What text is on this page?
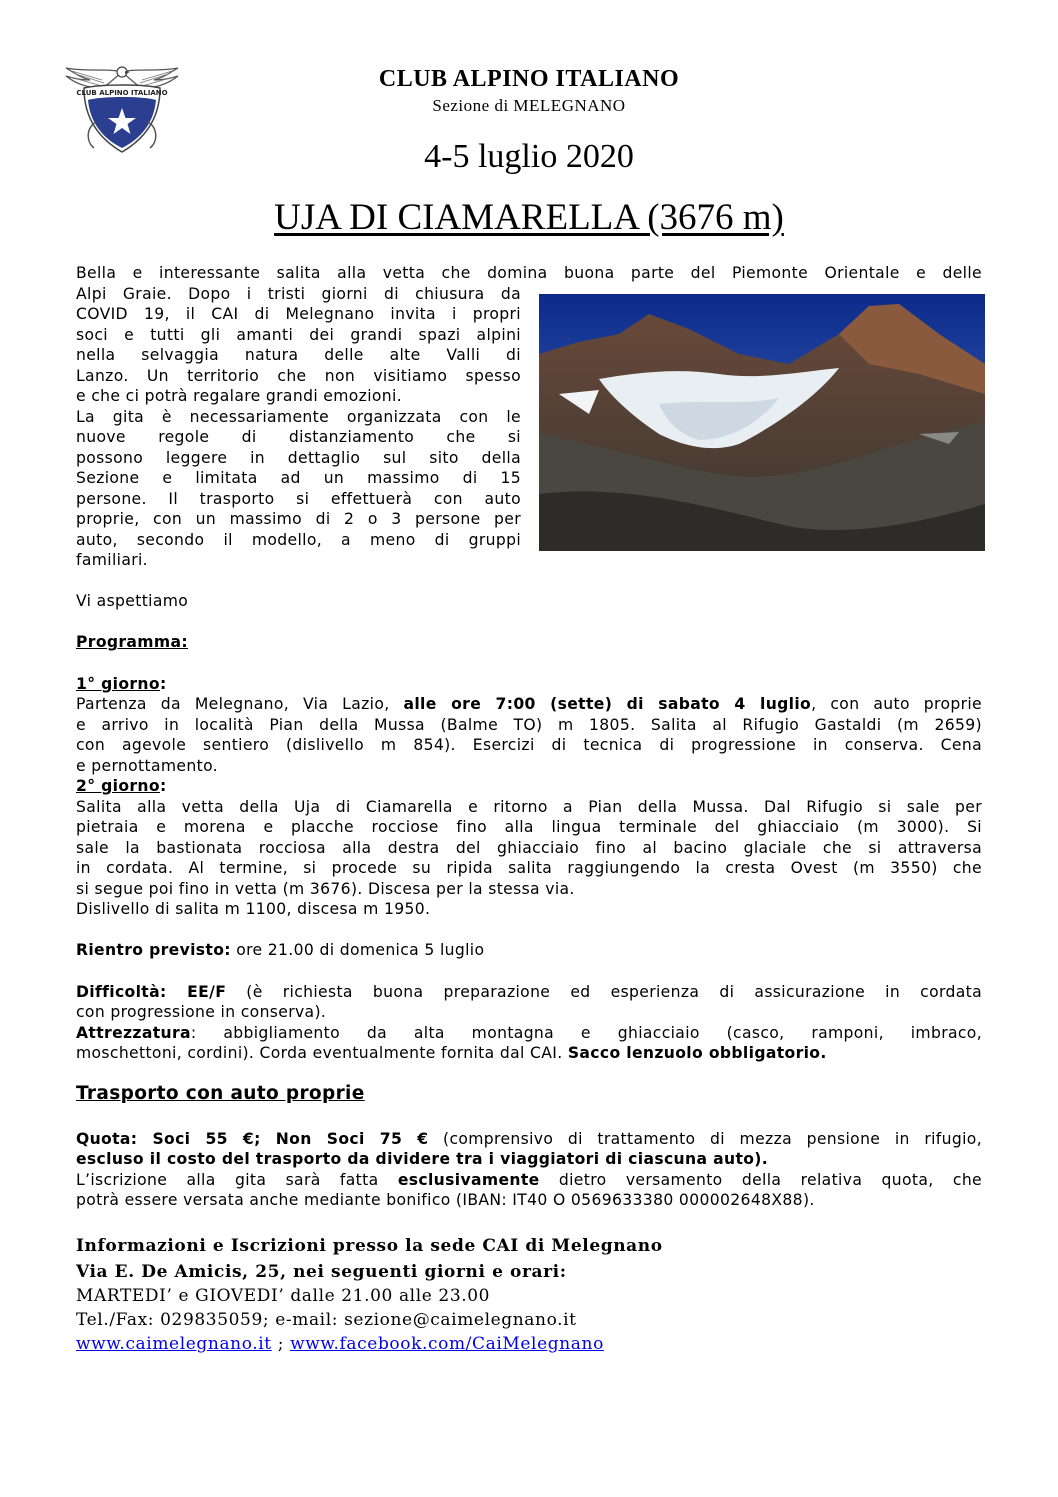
CLUB ALPINO ITALIANO
CLUB ALPINO ITALIANO
Sezione di MELEGNANO
4-5 luglio 2020
UJA DI CIAMARELLA (3676 m)
Bella e interessante salita alla vetta che domina buona parte del Piemonte Orientale e delle
Alpi Graie. Dopo i tristi giorni di chiusura da
COVID 19, il CAI di Melegnano invita i propri
soci e tutti gli amanti dei grandi spazi alpini
nella selvaggia natura delle alte Valli di
Lanzo. Un territorio che non visitiamo spesso
e che ci potrà regalare grandi emozioni.
La gita è necessariamente organizzata con le
nuove regole di distanziamento che si
possono leggere in dettaglio sul sito della
Sezione e limitata ad un massimo di 15
persone. Il trasporto si effettuerà con auto
proprie, con un massimo di 2 o 3 persone per
auto, secondo il modello, a meno di gruppi
familiari.
Vi aspettiamo
Programma:
1° giorno:
Partenza da Melegnano, Via Lazio, alle ore 7:00 (sette) di sabato 4 luglio, con auto proprie
e arrivo in località Pian della Mussa (Balme TO) m 1805. Salita al Rifugio Gastaldi (m 2659)
con agevole sentiero (dislivello m 854). Esercizi di tecnica di progressione in conserva. Cena
e pernottamento.
2° giorno:
Salita alla vetta della Uja di Ciamarella e ritorno a Pian della Mussa. Dal Rifugio si sale per
pietraia e morena e placche rocciose fino alla lingua terminale del ghiacciaio (m 3000). Si
sale la bastionata rocciosa alla destra del ghiacciaio fino al bacino glaciale che si attraversa
in cordata. Al termine, si procede su ripida salita raggiungendo la cresta Ovest (m 3550) che
si segue poi fino in vetta (m 3676). Discesa per la stessa via.
Dislivello di salita m 1100, discesa m 1950.
Rientro previsto: ore 21.00 di domenica 5 luglio
Difficoltà: EE/F (è richiesta buona preparazione ed esperienza di assicurazione in cordata
con progressione in conserva).
Attrezzatura: abbigliamento da alta montagna e ghiacciaio (casco, ramponi, imbraco,
moschettoni, cordini). Corda eventualmente fornita dal CAI. Sacco lenzuolo obbligatorio.
Trasporto con auto proprie
Quota: Soci 55 €; Non Soci 75 € (comprensivo di trattamento di mezza pensione in rifugio,
escluso il costo del trasporto da dividere tra i viaggiatori di ciascuna auto).
L’iscrizione alla gita sarà fatta esclusivamente dietro versamento della relativa quota, che
potrà essere versata anche mediante bonifico (IBAN: IT40 O 0569633380 000002648X88).
Informazioni e Iscrizioni presso la sede CAI di Melegnano
Via E. De Amicis, 25, nei seguenti giorni e orari:
MARTEDI’ e GIOVEDI’ dalle 21.00 alle 23.00
Tel./Fax: 029835059; e-mail: sezione@caimelegnano.it
www.caimelegnano.it ; www.facebook.com/CaiMelegnano
